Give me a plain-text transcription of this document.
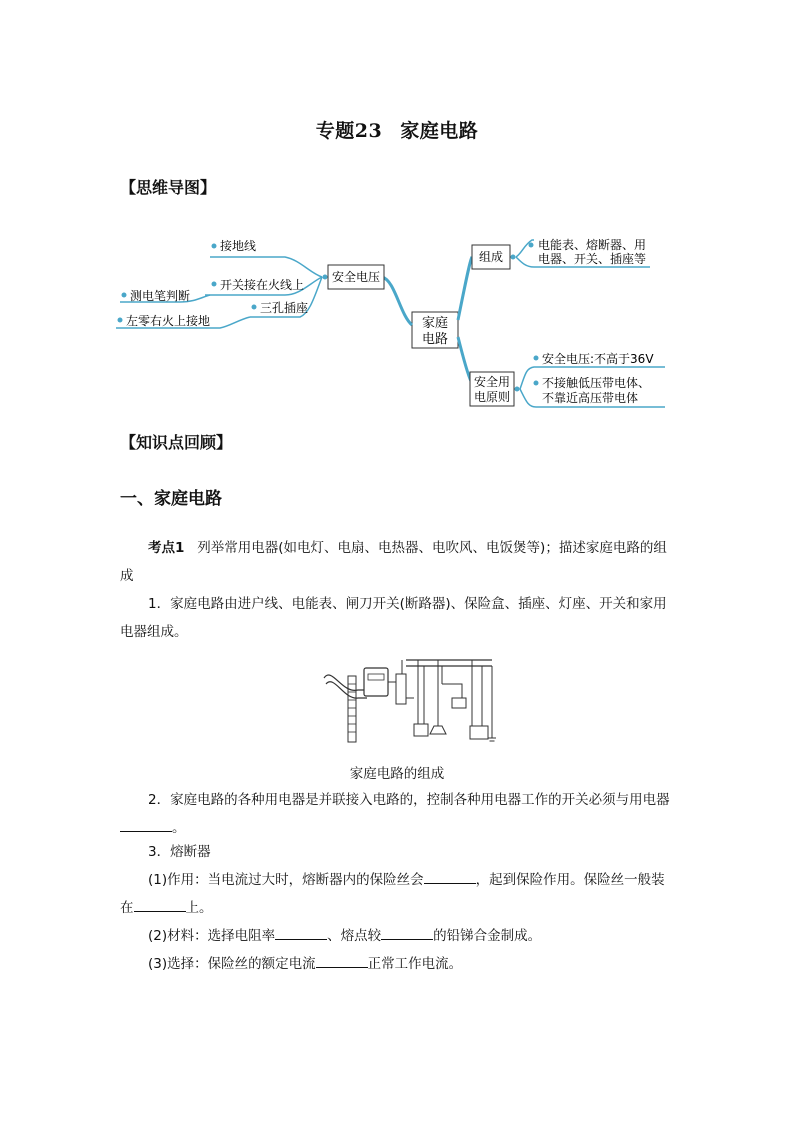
专题23 家庭电路
【思维导图】
家庭
电路
安全电压
接地线
开关接在火线上
三孔插座
测电笔判断
左零右火上接地
组成
电能表、熔断器、用
电器、开关、插座等
安全用
电原则
安全电压:不高于36V
不接触低压带电体、
不靠近高压带电体
【知识点回顾】
一、家庭电路
考点1 列举常用电器(如电灯、电扇、电热器、电吹风、电饭煲等)；描述家庭电路的组成
1．家庭电路由进户线、电能表、闸刀开关(断路器)、保险盒、插座、灯座、开关和家用电器组成。
家庭电路的组成
2．家庭电路的各种用电器是并联接入电路的，控制各种用电器工作的开关必须与用电器。
3．熔断器
(1)作用：当电流过大时，熔断器内的保险丝会	，起到保险作用。保险丝一般装在	上。
(2)材料：选择电阻率	、熔点较	的铅锑合金制成。
(3)选择：保险丝的额定电流	正常工作电流。
